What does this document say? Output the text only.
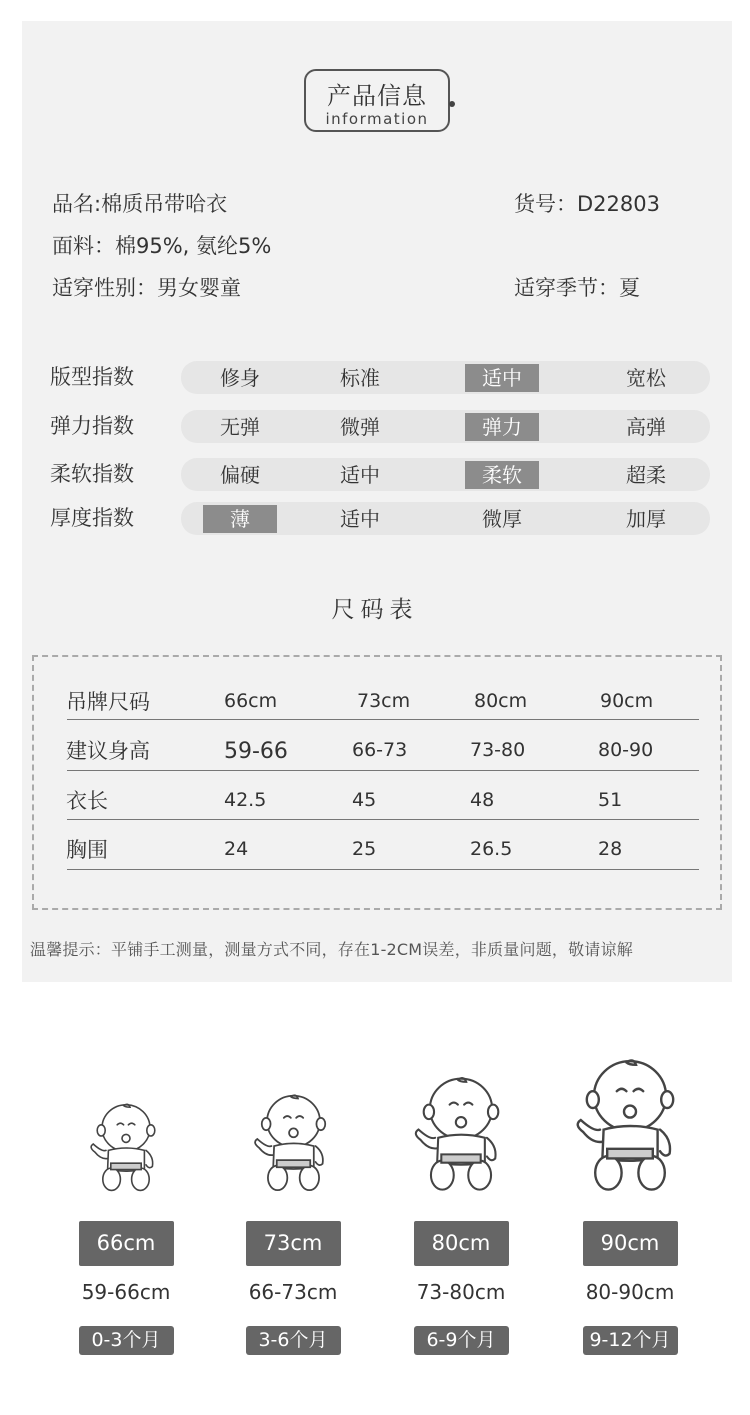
产品信息
information
品名:棉质吊带哈衣	货号：D22803
面料：棉95%, 氨纶5%
适穿性别：男女婴童	适穿季节：夏
版型指数	修身	标准	适中	宽松
弹力指数	无弹	微弹	弹力	高弹
柔软指数	偏硬	适中	柔软	超柔
厚度指数	薄	适中	微厚	加厚
尺码表
吊牌尺码	66cm	73cm	80cm	90cm
建议身高	59-66	66-73	73-80	80-90
衣长	42.5	45	48	51
胸围	24	25	26.5	28
温馨提示：平铺手工测量，测量方式不同，存在1-2CM误差，非质量问题，敬请谅解
66cm
59-66cm
0-3个月
73cm
66-73cm
3-6个月
80cm
73-80cm
6-9个月
90cm
80-90cm
9-12个月
